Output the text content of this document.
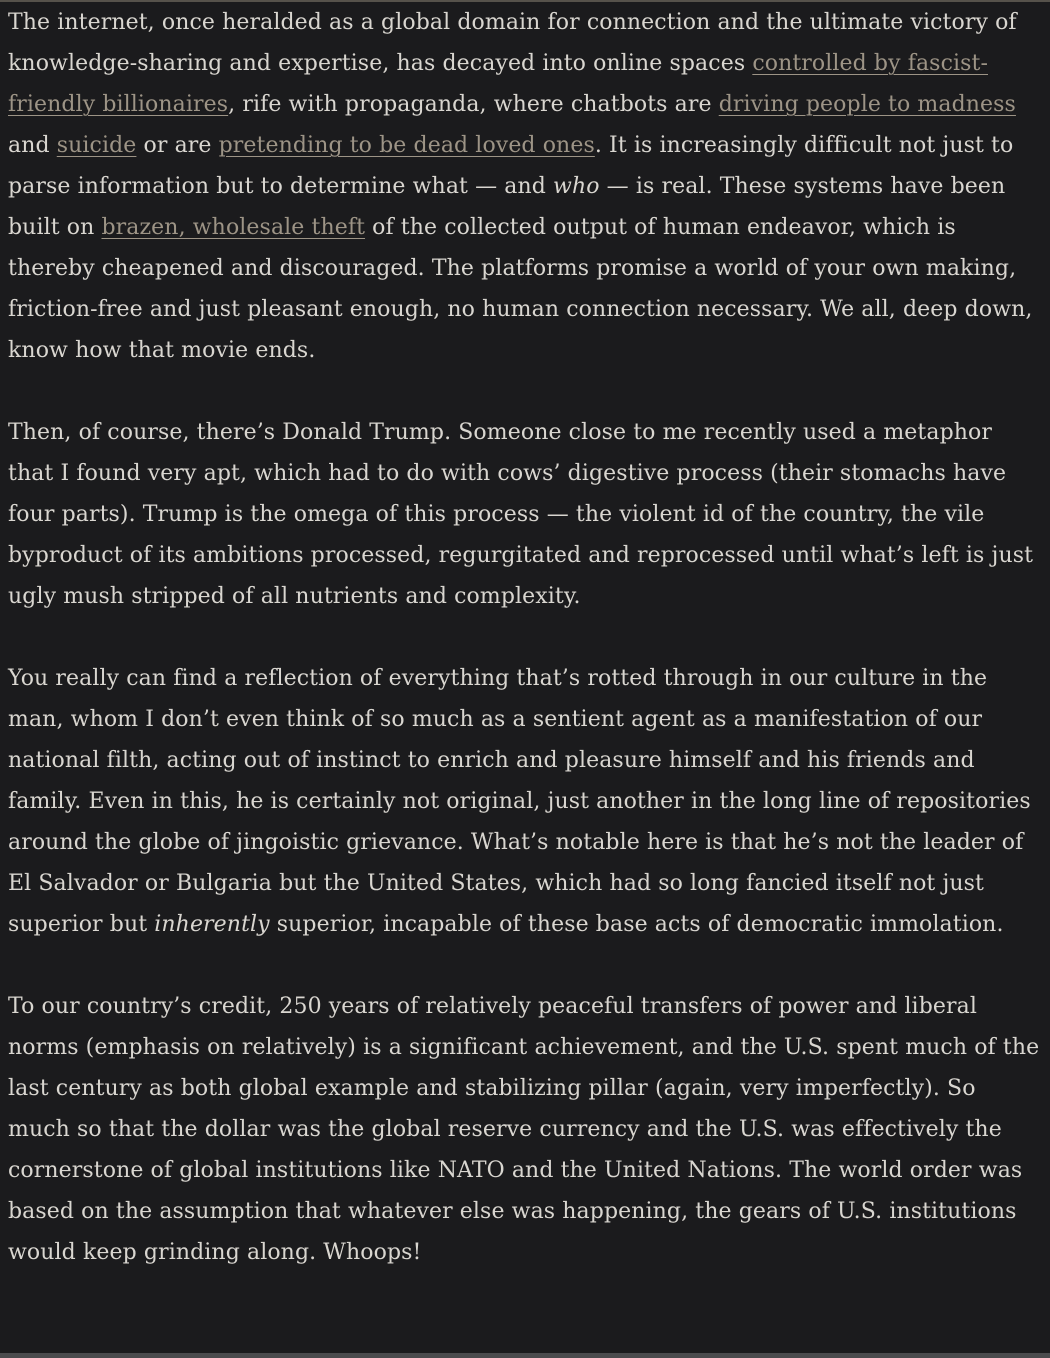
The internet, once heralded as a global domain for connection and the ultimate victory of knowledge-sharing and expertise, has decayed into online spaces controlled by fascist-friendly billionaires, rife with propaganda, where chatbots are driving people to madness and suicide or are pretending to be dead loved ones. It is increasingly difficult not just to parse information but to determine what — and who — is real. These systems have been built on brazen, wholesale theft of the collected output of human endeavor, which is thereby cheapened and discouraged. The platforms promise a world of your own making, friction-free and just pleasant enough, no human connection necessary. We all, deep down, know how that movie ends.

Then, of course, there’s Donald Trump. Someone close to me recently used a metaphor that I found very apt, which had to do with cows’ digestive process (their stomachs have four parts). Trump is the omega of this process — the violent id of the country, the vile byproduct of its ambitions processed, regurgitated and reprocessed until what’s left is just ugly mush stripped of all nutrients and complexity.

You really can find a reflection of everything that’s rotted through in our culture in the man, whom I don’t even think of so much as a sentient agent as a manifestation of our national filth, acting out of instinct to enrich and pleasure himself and his friends and family. Even in this, he is certainly not original, just another in the long line of repositories around the globe of jingoistic grievance. What’s notable here is that he’s not the leader of El Salvador or Bulgaria but the United States, which had so long fancied itself not just superior but inherently superior, incapable of these base acts of democratic immolation.

To our country’s credit, 250 years of relatively peaceful transfers of power and liberal norms (emphasis on relatively) is a significant achievement, and the U.S. spent much of the last century as both global example and stabilizing pillar (again, very imperfectly). So much so that the dollar was the global reserve currency and the U.S. was effectively the cornerstone of global institutions like NATO and the United Nations. The world order was based on the assumption that whatever else was happening, the gears of U.S. institutions would keep grinding along. Whoops!
